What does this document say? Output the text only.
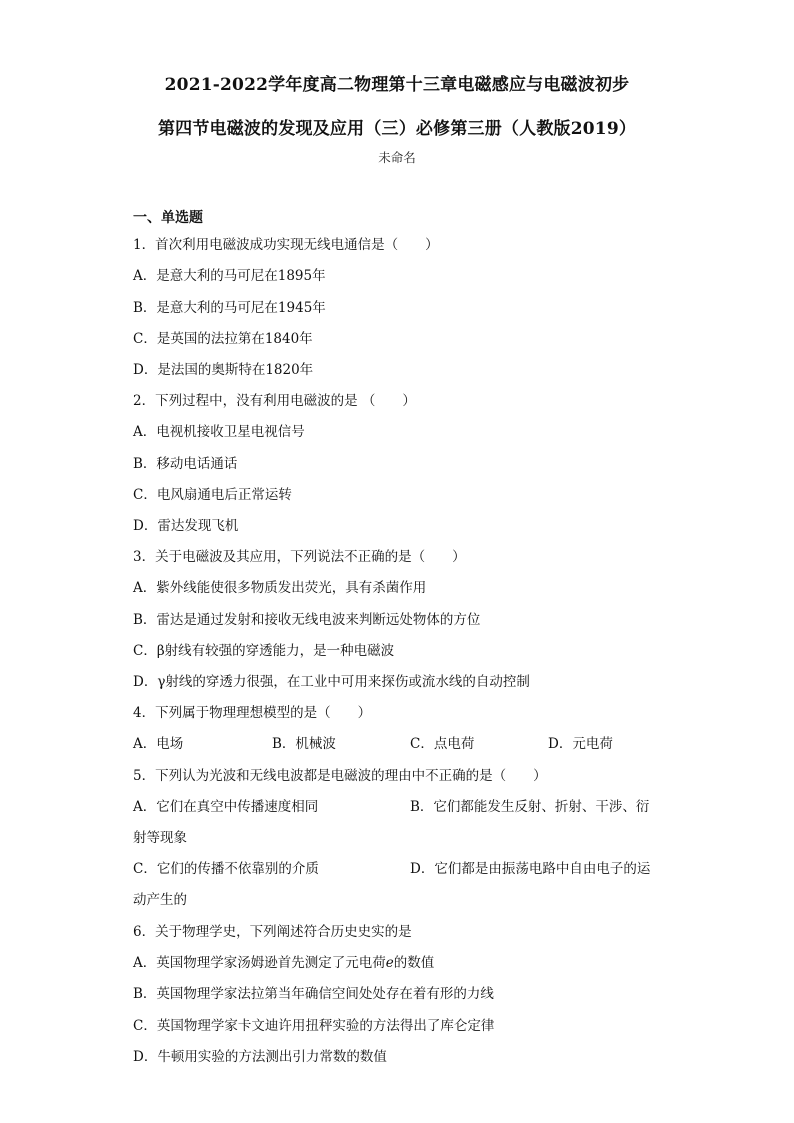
2021-2022学年度高二物理第十三章电磁感应与电磁波初步
第四节电磁波的发现及应用（三）必修第三册（人教版2019）
未命名
一、单选题
1．首次利用电磁波成功实现无线电通信是（　　）
A．是意大利的马可尼在1895年
B．是意大利的马可尼在1945年
C．是英国的法拉第在1840年
D．是法国的奥斯特在1820年
2．下列过程中，没有利用电磁波的是 （　　）
A．电视机接收卫星电视信号
B．移动电话通话
C．电风扇通电后正常运转
D．雷达发现飞机
3．关于电磁波及其应用，下列说法不正确的是（　　）
A．紫外线能使很多物质发出荧光，具有杀菌作用
B．雷达是通过发射和接收无线电波来判断远处物体的方位
C．β射线有较强的穿透能力，是一种电磁波
D．γ射线的穿透力很强，在工业中可用来探伤或流水线的自动控制
4．下列属于物理理想模型的是（　　）
A．电场	B．机械波	C．点电荷	D．元电荷
5．下列认为光波和无线电波都是电磁波的理由中不正确的是（　　）
A．它们在真空中传播速度相同	B．它们都能发生反射、折射、干涉、衍
射等现象
C．它们的传播不依靠别的介质	D．它们都是由振荡电路中自由电子的运
动产生的
6．关于物理学史，下列阐述符合历史史实的是
A．英国物理学家汤姆逊首先测定了元电荷e的数值
B．英国物理学家法拉第当年确信空间处处存在着有形的力线
C．英国物理学家卡文迪许用扭秤实验的方法得出了库仑定律
D．牛顿用实验的方法测出引力常数的数值
